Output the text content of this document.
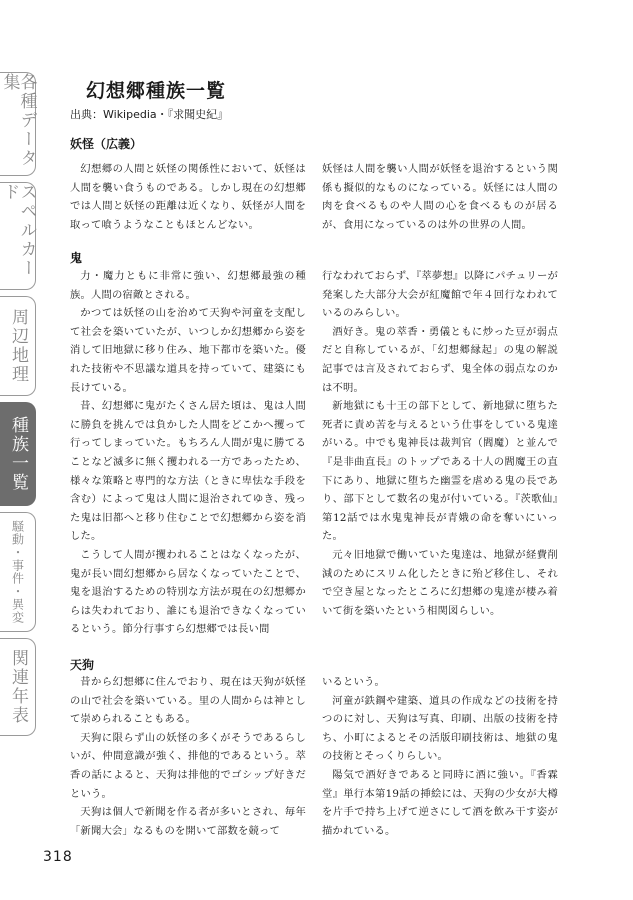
各種データ集
スペルカード
周辺地理
種族一覧
騒動・事件・異変
関連年表
幻想郷種族一覧
出典：Wikipedia・『求聞史紀』
妖怪（広義）

幻想郷の人間と妖怪の関係性において、妖怪は人間を襲い食うものである。しかし現在の幻想郷では人間と妖怪の距離は近くなり、妖怪が人間を取って喰うようなこともほとんどない。

妖怪は人間を襲い人間が妖怪を退治するという関係も擬似的なものになっている。妖怪には人間の肉を食べるものや人間の心を食べるものが居るが、食用になっているのは外の世界の人間。

鬼

力・魔力ともに非常に強い、幻想郷最強の種族。人間の宿敵とされる。

かつては妖怪の山を治めて天狗や河童を支配して社会を築いていたが、いつしか幻想郷から姿を消して旧地獄に移り住み、地下都市を築いた。優れた技術や不思議な道具を持っていて、建築にも長けている。

昔、幻想郷に鬼がたくさん居た頃は、鬼は人間に勝負を挑んでは負かした人間をどこかへ攫って行ってしまっていた。もちろん人間が鬼に勝てることなど滅多に無く攫われる一方であったため、様々な策略と専門的な方法（ときに卑怯な手段を含む）によって鬼は人間に退治されてゆき、残った鬼は旧都へと移り住むことで幻想郷から姿を消した。

こうして人間が攫われることはなくなったが、鬼が長い間幻想郷から居なくなっていたことで、鬼を退治するための特別な方法が現在の幻想郷からは失われており、誰にも退治できなくなっているという。節分行事すら幻想郷では長い間

行なわれておらず、『萃夢想』以降にパチュリーが発案した大部分大会が紅魔館で年４回行なわれているのみらしい。

酒好き。鬼の萃香・勇儀ともに炒った豆が弱点だと自称しているが、「幻想郷縁起」の鬼の解説記事では言及されておらず、鬼全体の弱点なのかは不明。

新地獄にも十王の部下として、新地獄に堕ちた死者に責め苦を与えるという仕事をしている鬼達がいる。中でも鬼神長は裁判官（閻魔）と並んで『是非曲直長』のトップである十人の閻魔王の直下にあり、地獄に堕ちた幽霊を虐める鬼の長であり、部下として数名の鬼が付いている。『茨歌仙』第12話では水鬼鬼神長が青娥の命を奪いにいった。

元々旧地獄で働いていた鬼達は、地獄が経費削減のためにスリム化したときに殆ど移住し、それで空き屋となったところに幻想郷の鬼達が棲み着いて街を築いたという相関図らしい。

天狗

昔から幻想郷に住んでおり、現在は天狗が妖怪の山で社会を築いている。里の人間からは神として崇められることもある。

天狗に限らず山の妖怪の多くがそうであるらしいが、仲間意識が強く、排他的であるという。萃香の話によると、天狗は排他的でゴシップ好きだという。

天狗は個人で新聞を作る者が多いとされ、毎年「新聞大会」なるものを開いて部数を競って

いるという。

河童が鉄鋼や建築、道具の作成などの技術を持つのに対し、天狗は写真、印刷、出版の技術を持ち、小町によるとその活版印刷技術は、地獄の鬼の技術とそっくりらしい。

陽気で酒好きであると同時に酒に強い。『香霖堂』単行本第19話の挿絵には、天狗の少女が大樽を片手で持ち上げて逆さにして酒を飲み干す姿が描かれている。

318
